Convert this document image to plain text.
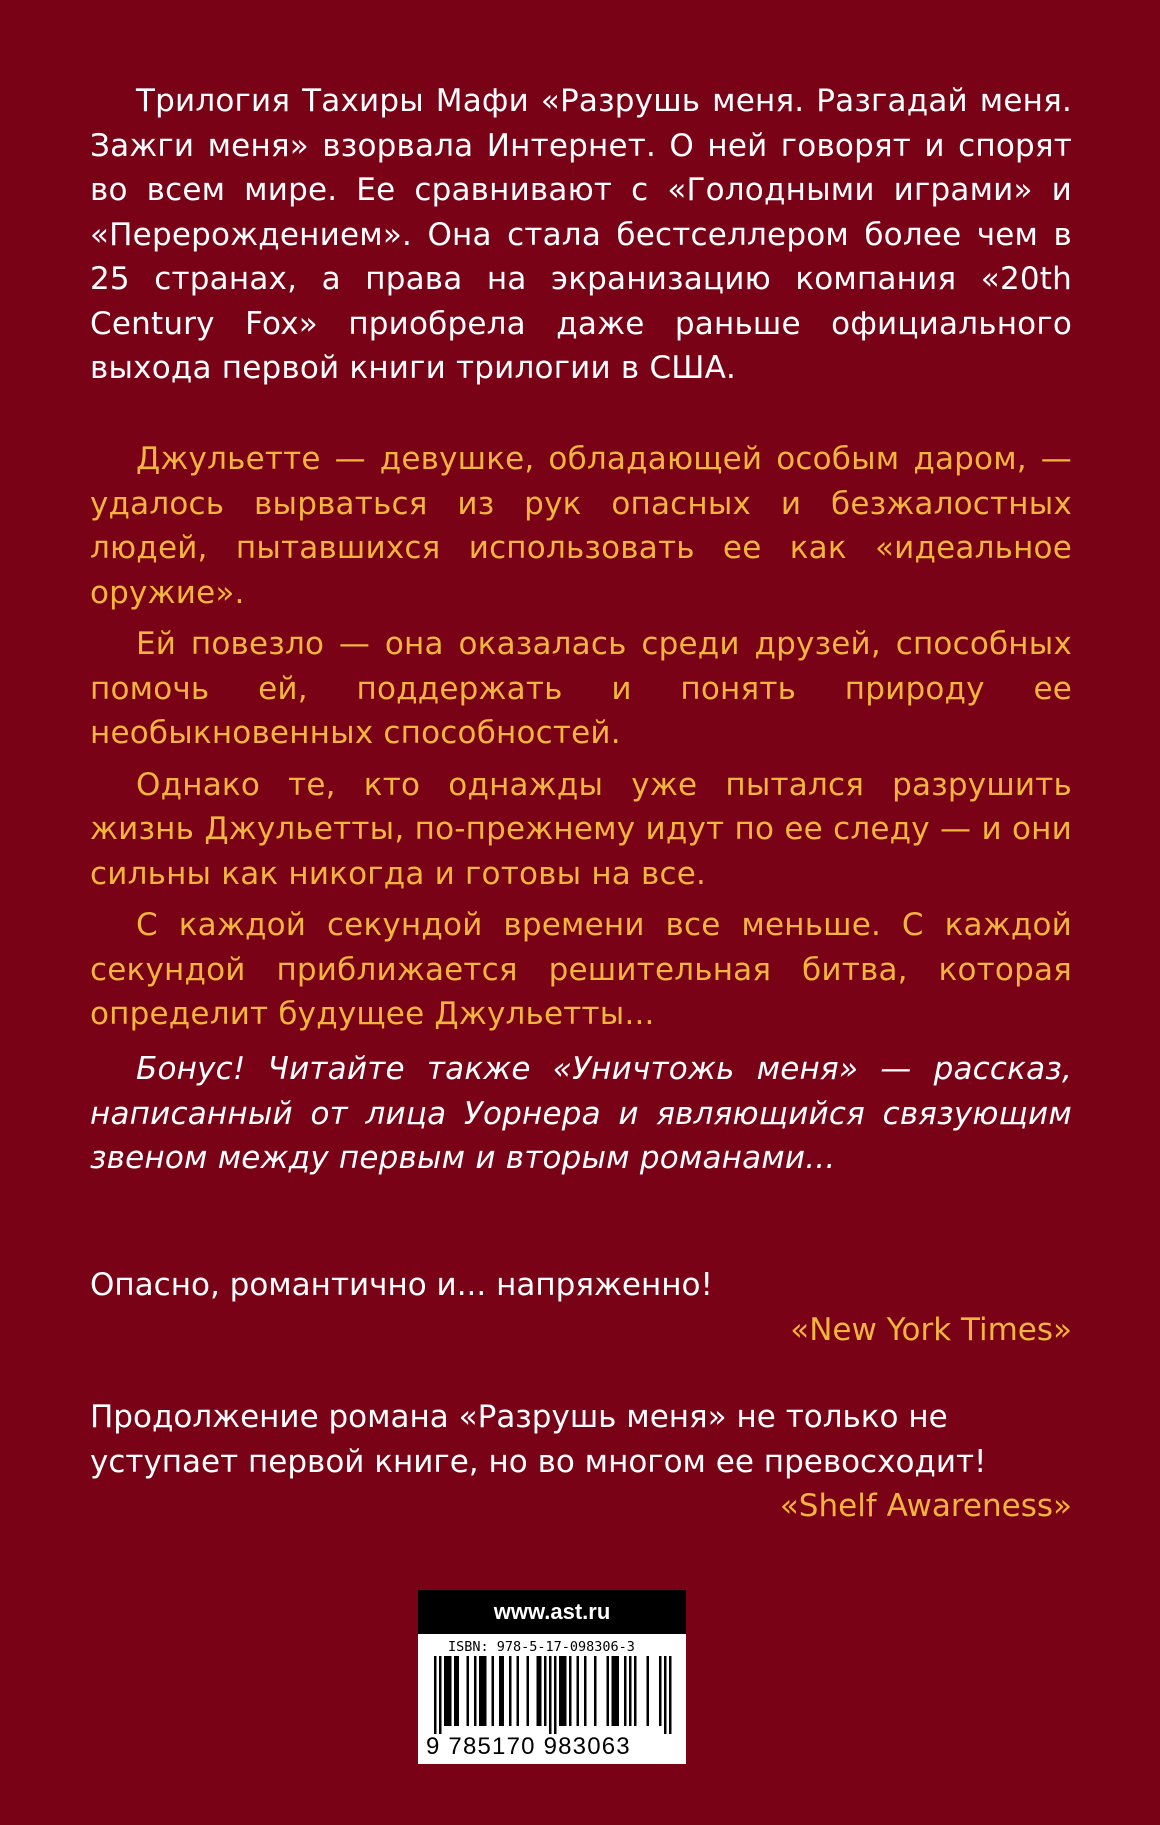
Трилогия Тахиры Мафи «Разрушь меня. Разгадай меня. Зажги меня» взорвала Интернет. О ней говорят и спорят во всем мире. Ее сравнивают с «Голодными играми» и «Перерождением». Она стала бестселлером более чем в 25 странах, а права на экранизацию компания «20th Century Fox» приобрела даже раньше официального выхода первой книги трилогии в США.

Джульетте — девушке, обладающей особым даром, — удалось вырваться из рук опасных и безжалостных людей, пытавшихся использовать ее как «идеальное оружие».

Ей повезло — она оказалась среди друзей, способных помочь ей, поддержать и понять природу ее необыкновенных способностей.

Однако те, кто однажды уже пытался разрушить жизнь Джульетты, по-прежнему идут по ее следу — и они сильны как никогда и готовы на все.

С каждой секундой времени все меньше. С каждой секундой приближается решительная битва, которая определит будущее Джульетты...

Бонус! Читайте также «Уничтожь меня» — рассказ, написанный от лица Уорнера и являющийся связующим звеном между первым и вторым романами...

Опасно, романтично и... напряженно!

«New York Times»

Продолжение романа «Разрушь меня» не только не уступает первой книге, но во многом ее превосходит!

«Shelf Awareness»

www.ast.ru
ISBN: 978-5-17-098306-3
9 785170 983063
